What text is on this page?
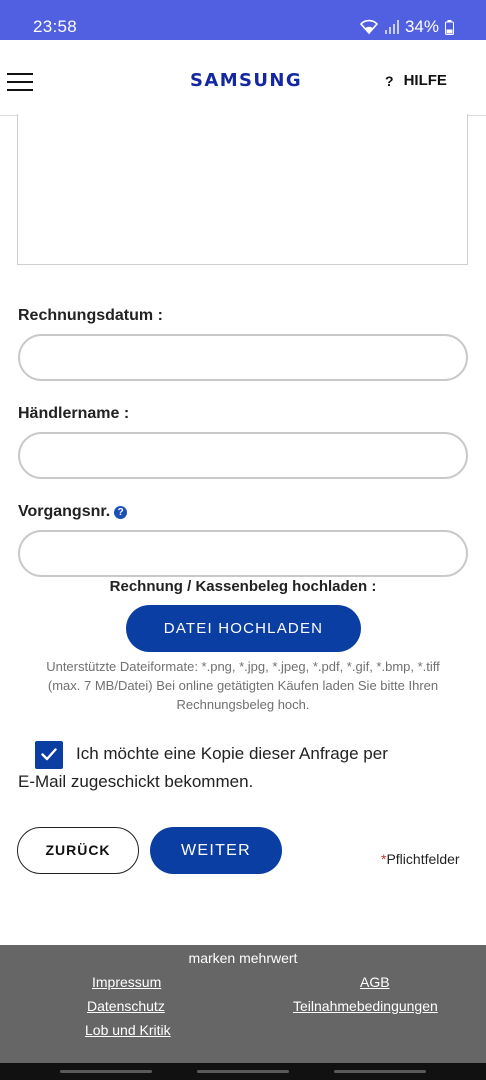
23:58	34%
SAMSUNG	? HILFE
Rechnungsdatum :
Händlername :
Vorgangsnr. ?
Rechnung / Kassenbeleg hochladen :
DATEI HOCHLADEN
Unterstützte Dateiformate: *.png, *.jpg, *.jpeg, *.pdf, *.gif, *.bmp, *.tiff
(max. 7 MB/Datei) Bei online getätigten Käufen laden Sie bitte Ihren
Rechnungsbeleg hoch.
Ich möchte eine Kopie dieser Anfrage per
E-Mail zugeschickt bekommen.
ZURÜCK	WEITER	*Pflichtfelder
marken mehrwert
Impressum	AGB
Datenschutz	Teilnahmebedingungen
Lob und Kritik
